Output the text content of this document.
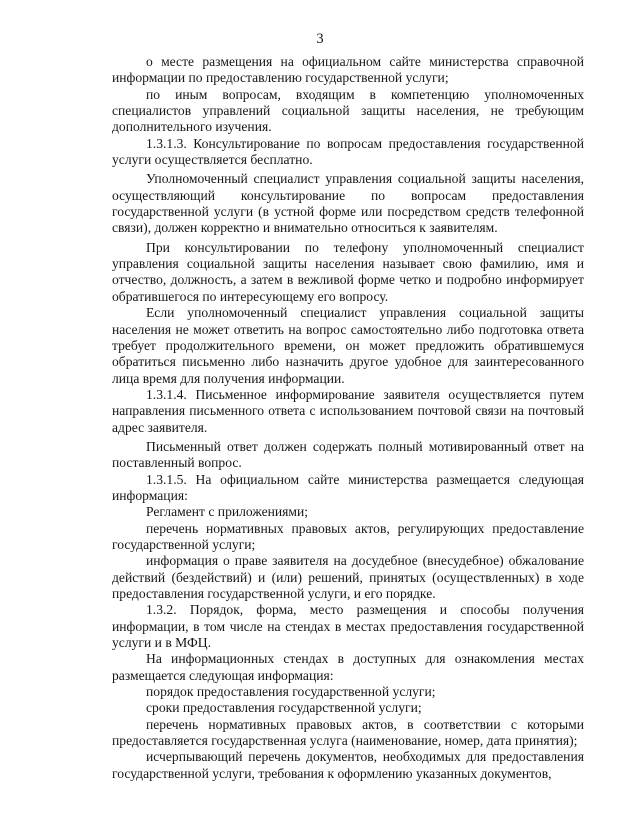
3

о месте размещения на официальном сайте министерства справочной информации по предоставлению государственной услуги;

по иным вопросам, входящим в компетенцию уполномоченных специалистов управлений социальной защиты населения, не требующим дополнительного изучения.

1.3.1.3. Консультирование по вопросам предоставления государственной услуги осуществляется бесплатно.

Уполномоченный специалист управления социальной защиты населения, осуществляющий консультирование по вопросам предоставления государственной услуги (в устной форме или посредством средств телефонной связи), должен корректно и внимательно относиться к заявителям.

При консультировании по телефону уполномоченный специалист управления социальной защиты населения называет свою фамилию, имя и отчество, должность, а затем в вежливой форме четко и подробно информирует обратившегося по интересующему его вопросу.

Если уполномоченный специалист управления социальной защиты населения не может ответить на вопрос самостоятельно либо подготовка ответа требует продолжительного времени, он может предложить обратившемуся обратиться письменно либо назначить другое удобное для заинтересованного лица время для получения информации.

1.3.1.4. Письменное информирование заявителя осуществляется путем направления письменного ответа с использованием почтовой связи на почтовый адрес заявителя.

Письменный ответ должен содержать полный мотивированный ответ на поставленный вопрос.

1.3.1.5. На официальном сайте министерства размещается следующая информация:

Регламент с приложениями;

перечень нормативных правовых актов, регулирующих предоставление государственной услуги;

информация о праве заявителя на досудебное (внесудебное) обжалование действий (бездействий) и (или) решений, принятых (осуществленных) в ходе предоставления государственной услуги, и его порядке.

1.3.2. Порядок, форма, место размещения и способы получения информации, в том числе на стендах в местах предоставления государственной услуги и в МФЦ.

На информационных стендах в доступных для ознакомления местах размещается следующая информация:

порядок предоставления государственной услуги;

сроки предоставления государственной услуги;

перечень нормативных правовых актов, в соответствии с которыми предоставляется государственная услуга (наименование, номер, дата принятия);

исчерпывающий перечень документов, необходимых для предоставления государственной услуги, требования к оформлению указанных документов,
